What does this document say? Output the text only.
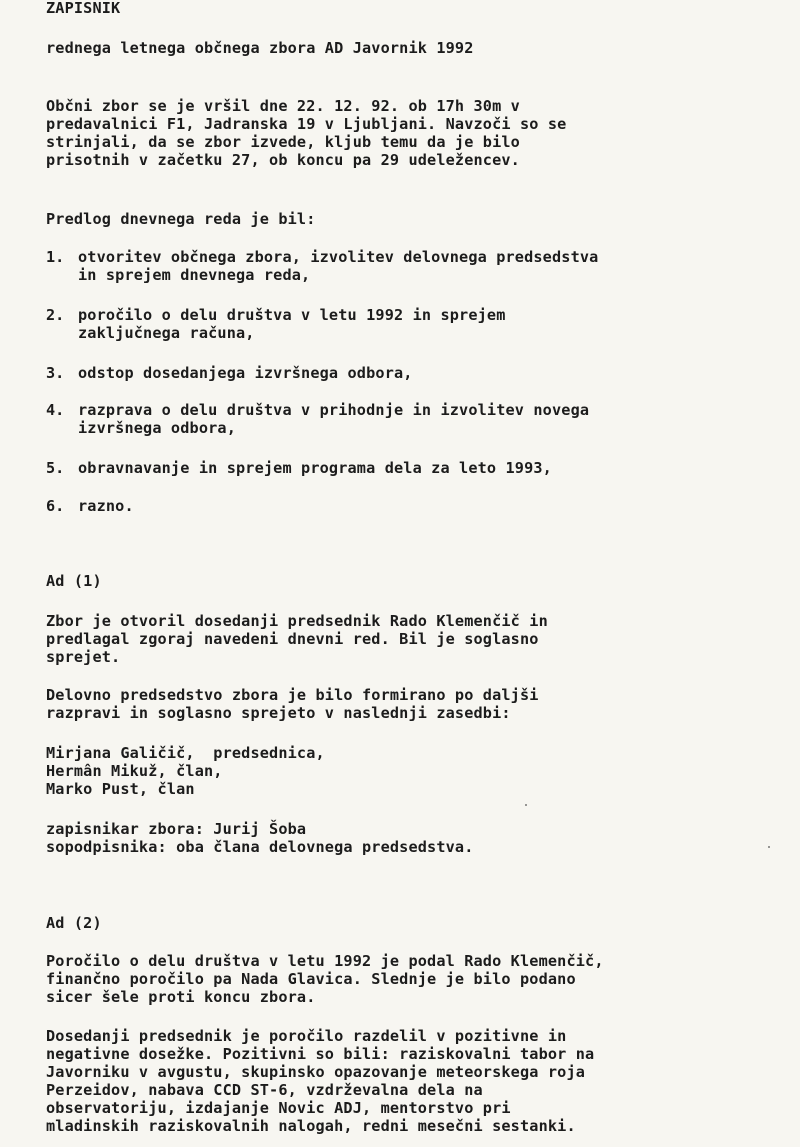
ZAPISNIK
rednega letnega občnega zbora AD Javornik 1992
Občni zbor se je vršil dne 22. 12. 92. ob 17h 30m v
predavalnici F1, Jadranska 19 v Ljubljani. Navzoči so se
strinjali, da se zbor izvede, kljub temu da je bilo
prisotnih v začetku 27, ob koncu pa 29 udeležencev.
Predlog dnevnega reda je bil:
1. otvoritev občnega zbora, izvolitev delovnega predsedstva
in sprejem dnevnega reda,
2. poročilo o delu društva v letu 1992 in sprejem
zaključnega računa,
3. odstop dosedanjega izvršnega odbora,
4. razprava o delu društva v prihodnje in izvolitev novega
izvršnega odbora,
5. obravnavanje in sprejem programa dela za leto 1993,
6. razno.
Ad (1)
Zbor je otvoril dosedanji predsednik Rado Klemenčič in
predlagal zgoraj navedeni dnevni red. Bil je soglasno
sprejet.
Delovno predsedstvo zbora je bilo formirano po daljši
razpravi in soglasno sprejeto v naslednji zasedbi:
Mirjana Galičič,  predsednica,
Hermân Mikuž, član,
Marko Pust, član
zapisnikar zbora: Jurij Šoba
sopodpisnika: oba člana delovnega predsedstva.
Ad (2)
Poročilo o delu društva v letu 1992 je podal Rado Klemenčič,
finančno poročilo pa Nada Glavica. Slednje je bilo podano
sicer šele proti koncu zbora.
Dosedanji predsednik je poročilo razdelil v pozitivne in
negativne dosežke. Pozitivni so bili: raziskovalni tabor na
Javorniku v avgustu, skupinsko opazovanje meteorskega roja
Perzeidov, nabava CCD ST-6, vzdrževalna dela na
observatoriju, izdajanje Novic ADJ, mentorstvo pri
mladinskih raziskovalnih nalogah, redni mesečni sestanki.
